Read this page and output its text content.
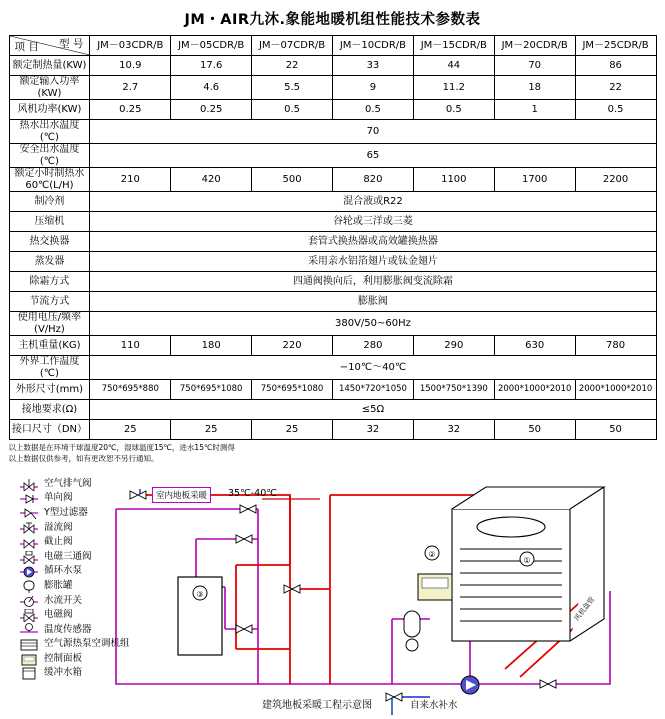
JM・AIR九沐.象能地暖机组性能技术参数表
项 目 型 号	JM－03CDR/B	JM－05CDR/B	JM－07CDR/B	JM－10CDR/B	JM－15CDR/B	JM－20CDR/B	JM－25CDR/B
额定制热量(KW)	10.9	17.6	22	33	44	70	86
额定输入功率(KW)	2.7	4.6	5.5	9	11.2	18	22
风机功率(KW)	0.25	0.25	0.5	0.5	0.5	1	0.5
热水出水温度(℃)	70						
安全出水温度(℃)	65						
额定小时制热水60℃(L/H)	210	420	500	820	1100	1700	2200
制冷剂	混合液或R22						
压缩机	谷轮或三洋或三菱						
热交换器	套管式换热器或高效罐换热器						
蒸发器	采用亲水铝箔翅片或钛金翅片						
除霜方式	四通阀换向后，利用膨胀阀变流除霜						
节流方式	膨胀阀						
使用电压/频率(V/Hz)	380V/50~60Hz						
主机重量(KG)	110	180	220	280	290	630	780
外界工作温度(℃)	−10℃～40℃						
外形尺寸(mm)	750*695*880	750*695*1080	750*695*1080	1450*720*1050	1500*750*1390	2000*1000*2010	2000*1000*2010
接地要求(Ω)	≤5Ω						
接口尺寸（DN）	25	25	25	32	32	50	50
以上数据是在环境干球温度20℃，湿球温度15℃，进水15℃时测得
以上数据仅供参考，如有更改恕不另行通知。
③
①
②
空气排气阀
单向阀
Y型过滤器
溢流阀
截止阀
电磁三通阀
循环水泵
膨胀罐
水流开关
电磁阀
温度传感器
空气源热泵空调机组
控制面板
缓冲水箱
室内地板采暖	35℃-40℃
自来水补水
风机盘管
建筑地板采暖工程示意图
